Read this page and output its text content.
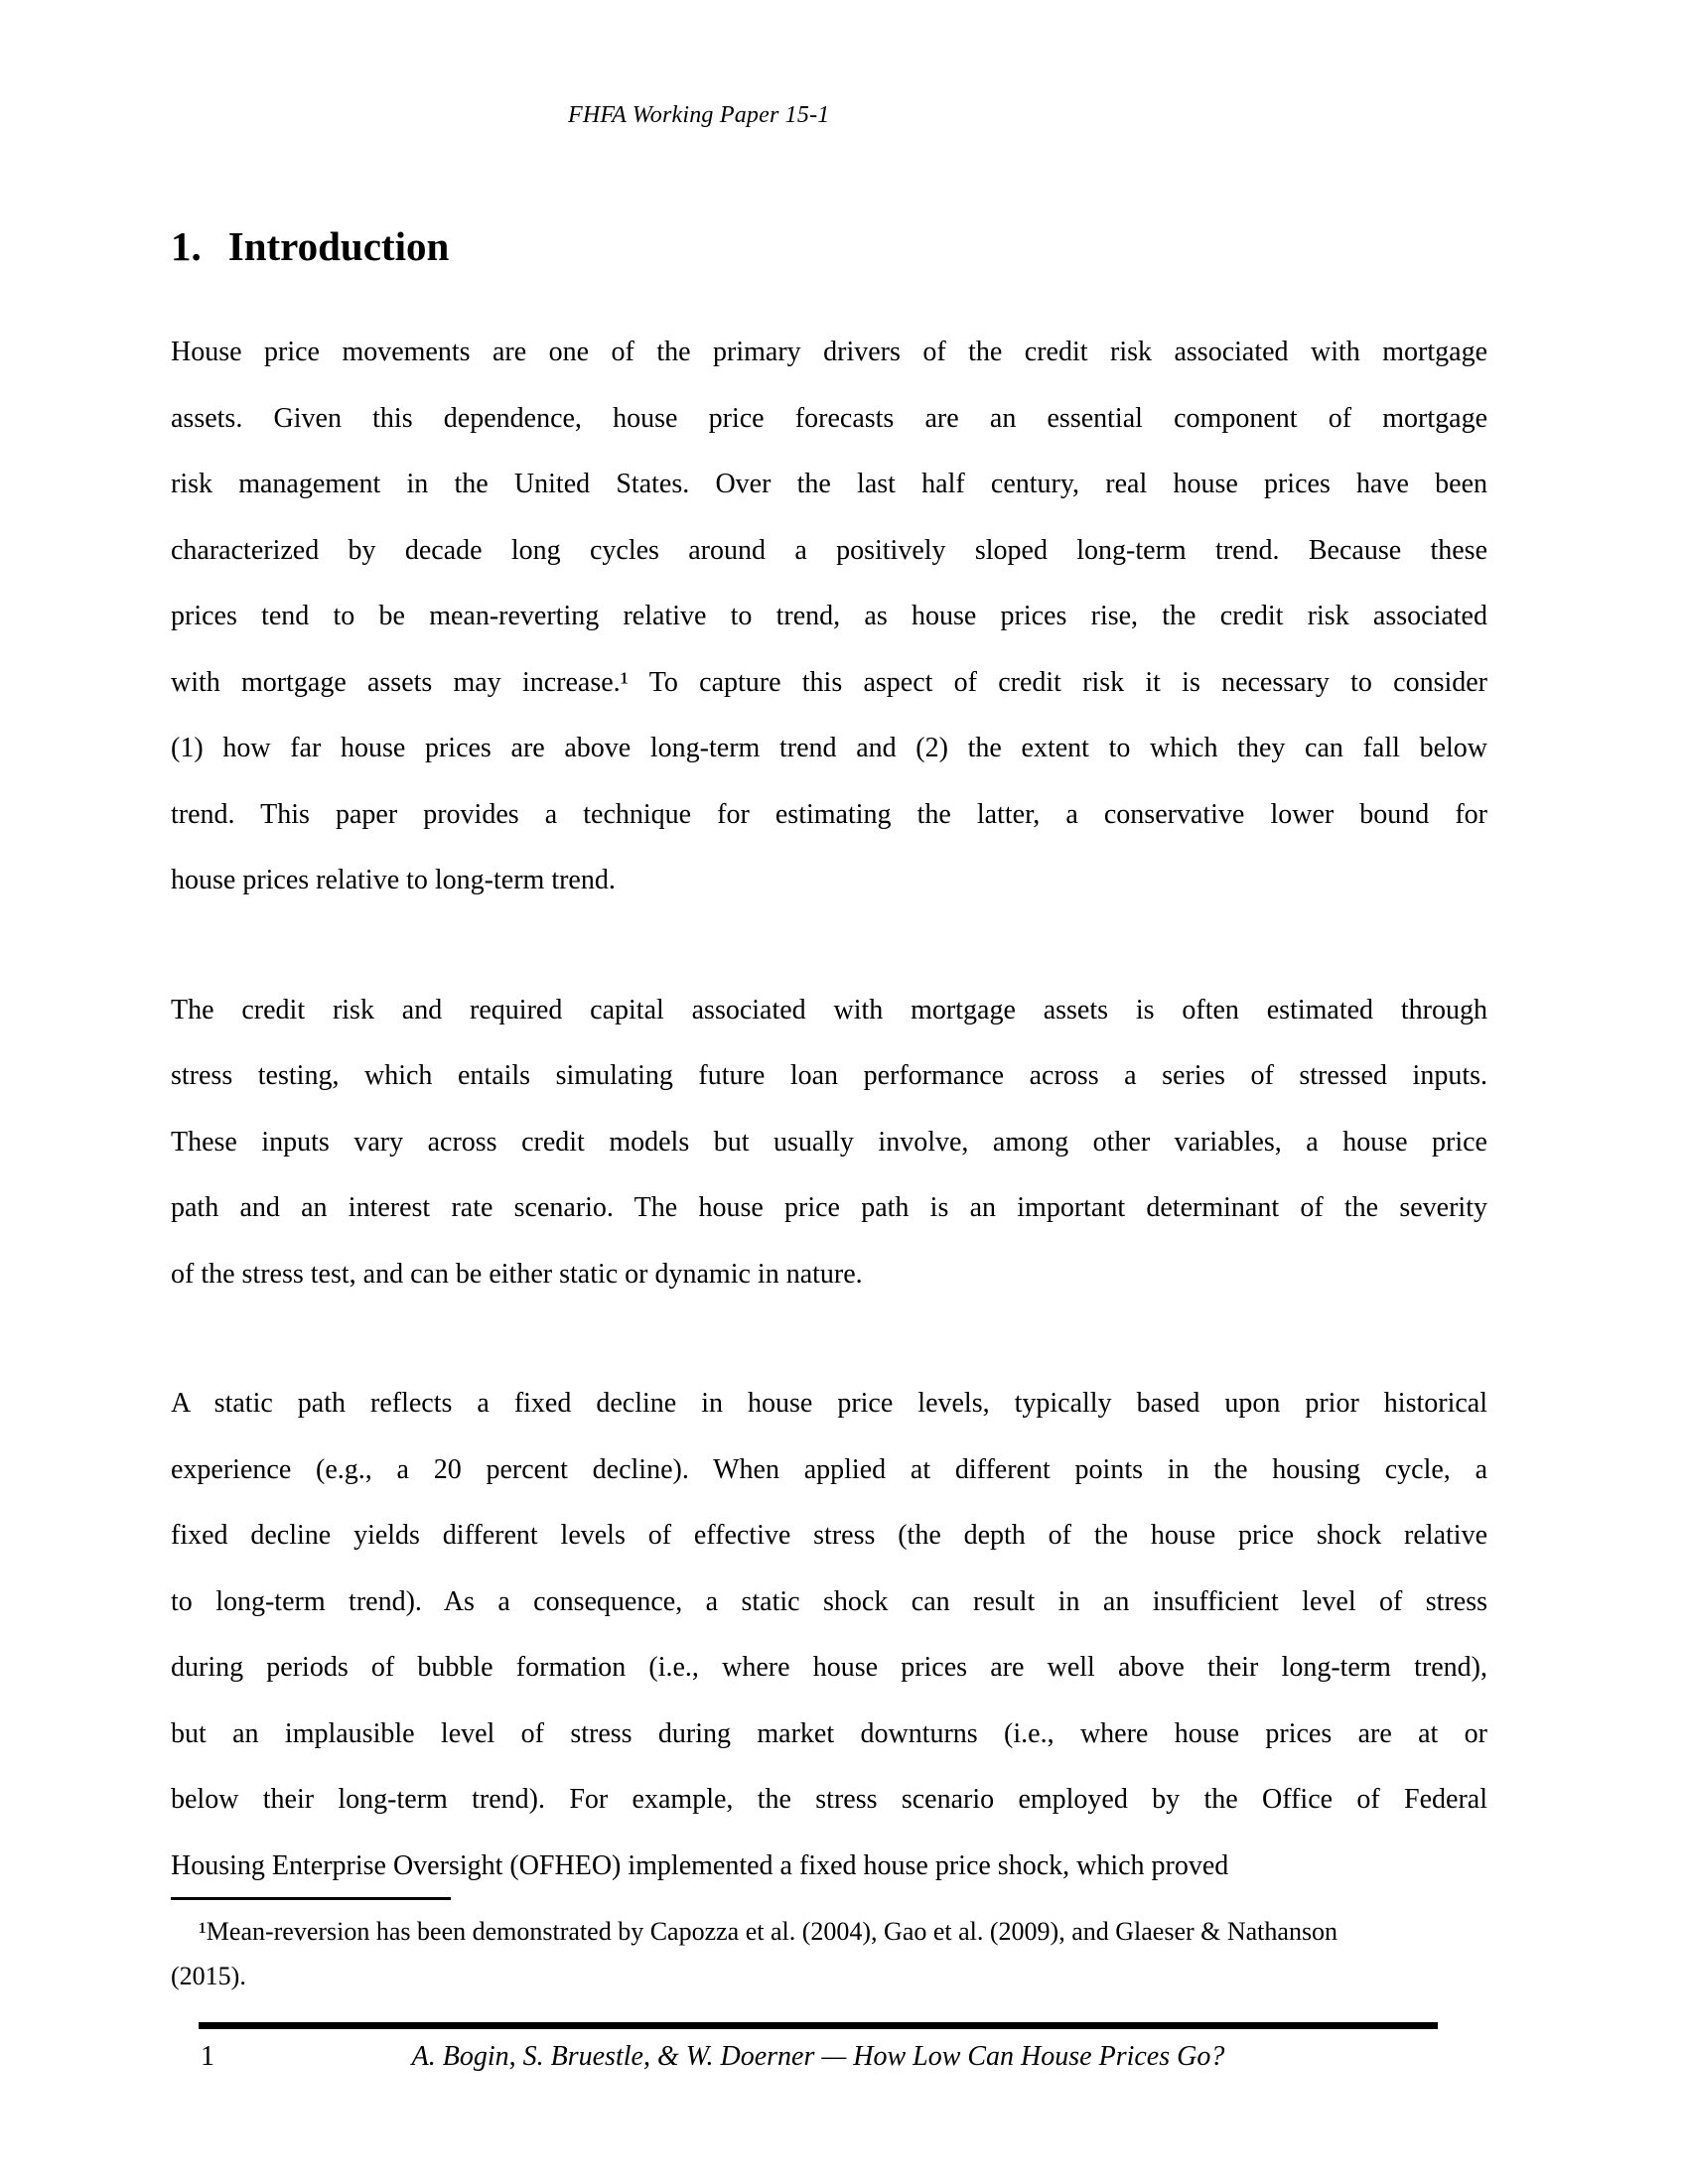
FHFA Working Paper 15-1
1. Introduction
House price movements are one of the primary drivers of the credit risk associated with mortgage
assets. Given this dependence, house price forecasts are an essential component of mortgage
risk management in the United States. Over the last half century, real house prices have been
characterized by decade long cycles around a positively sloped long-term trend. Because these
prices tend to be mean-reverting relative to trend, as house prices rise, the credit risk associated
with mortgage assets may increase.¹ To capture this aspect of credit risk it is necessary to consider
(1) how far house prices are above long-term trend and (2) the extent to which they can fall below
trend. This paper provides a technique for estimating the latter, a conservative lower bound for
house prices relative to long-term trend.
The credit risk and required capital associated with mortgage assets is often estimated through
stress testing, which entails simulating future loan performance across a series of stressed inputs.
These inputs vary across credit models but usually involve, among other variables, a house price
path and an interest rate scenario. The house price path is an important determinant of the severity
of the stress test, and can be either static or dynamic in nature.
A static path reflects a fixed decline in house price levels, typically based upon prior historical
experience (e.g., a 20 percent decline). When applied at different points in the housing cycle, a
fixed decline yields different levels of effective stress (the depth of the house price shock relative
to long-term trend). As a consequence, a static shock can result in an insufficient level of stress
during periods of bubble formation (i.e., where house prices are well above their long-term trend),
but an implausible level of stress during market downturns (i.e., where house prices are at or
below their long-term trend). For example, the stress scenario employed by the Office of Federal
Housing Enterprise Oversight (OFHEO) implemented a fixed house price shock, which proved
¹Mean-reversion has been demonstrated by Capozza et al. (2004), Gao et al. (2009), and Glaeser & Nathanson
(2015).
1	A. Bogin, S. Bruestle, & W. Doerner — How Low Can House Prices Go?
